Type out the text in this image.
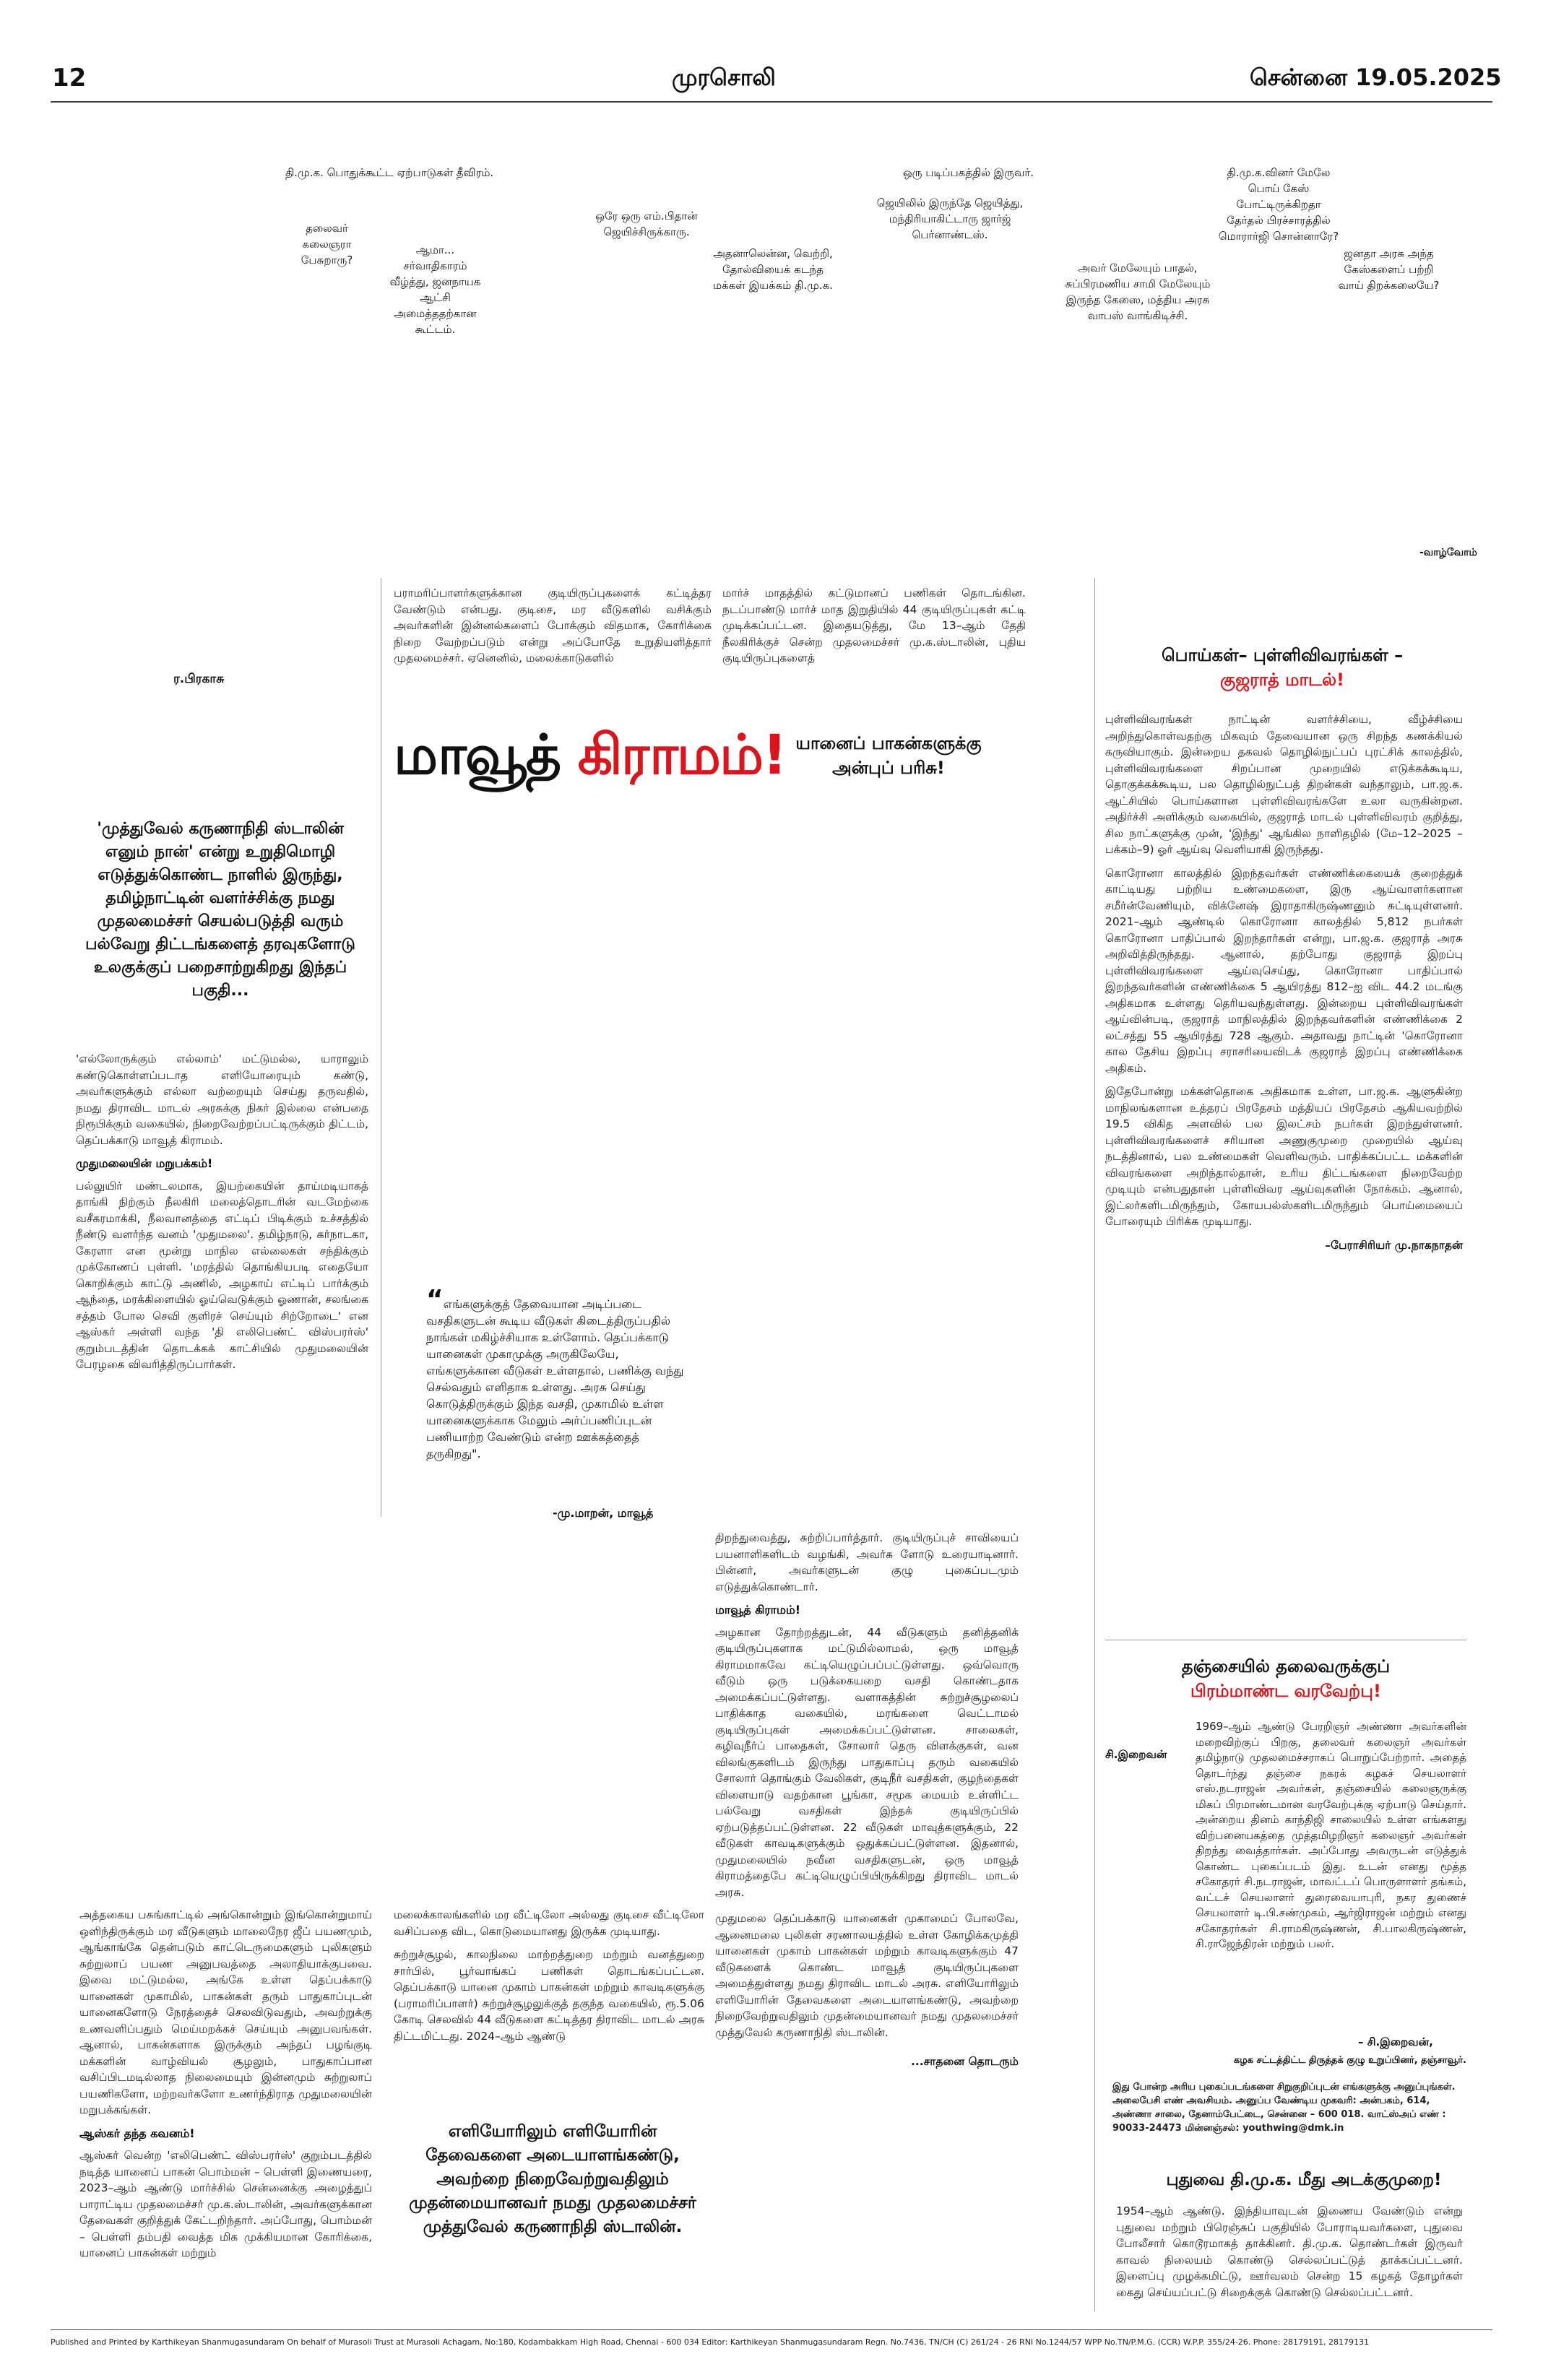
12	முரசொலி	சென்னை 19.05.2025
தி.மு.க. பொதுக்கூட்ட ஏற்பாடுகள் தீவிரம்.
தலைவர் கலைஞரா பேசுறாரு?
ஆமா... சர்வாதிகாரம் வீழ்த்து, ஜனநாயக ஆட்சி அமைத்ததற்கான கூட்டம்.
ஒரே ஒரு எம்.பிதான் ஜெயிச்சிருக்காரு.
அதனாலென்ன, வெற்றி, தோல்வியைக் கடந்த மக்கள் இயக்கம் தி.மு.க.
ஒரு படிப்பகத்தில் இருவர்.
ஜெயிலில் இருந்தே ஜெயித்து, மந்திரியாகிட்டாரு ஜார்ஜ் பெர்னாண்டஸ்.
அவர் மேலேயும் பாதல், சுப்பிரமணிய சாமி மேலேயும் இருந்த கேஸை, மத்திய அரசு வாபஸ் வாங்கிடிச்சி.
தி.மு.க.வினர் மேலே பொய் கேஸ் போட்டிருக்கிறதா தேர்தல் பிரச்சாரத்தில் மொரார்ஜி சொன்னாரே?
ஜனதா அரசு அந்த கேஸ்களைப் பற்றி வாய் திறக்கலையே?
-வாழ்வோம்
ர.பிரகாசு

பராமரிப்பாளர்களுக்கான குடியிருப்புகளைக் கட்டித்தர வேண்டும் என்பது. குடிசை, மர வீடுகளில் வசிக்கும் அவர்களின் இன்னல்களைப் போக்கும் விதமாக, கோரிக்கை நிறை வேற்றப்படும் என்று அப்போதே உறுதியளித்தார் முதலமைச்சர். ஏனெனில், மலைக்காடுகளில்

மார்ச் மாதத்தில் கட்டுமானப் பணிகள் தொடங்கின. நடப்பாண்டு மார்ச் மாத இறுதியில் 44 குடியிருப்புகள் கட்டி முடிக்கப்பட்டன. இதையடுத்து, மே 13–ஆம் தேதி நீலகிரிக்குச் சென்ற முதலமைச்சர் மு.க.ஸ்டாலின், புதிய குடியிருப்புகளைத்

மாவூத் கிராமம்! யானைப் பாகன்களுக்கு அன்புப் பரிசு!
'முத்துவேல் கருணாநிதி ஸ்டாலின் எனும் நான்' என்று உறுதிமொழி எடுத்துக்கொண்ட நாளில் இருந்து, தமிழ்நாட்டின் வளர்ச்சிக்கு நமது முதலமைச்சர் செயல்படுத்தி வரும் பல்வேறு திட்டங்களைத் தரவுகளோடு உலகுக்குப் பறைசாற்றுகிறது இந்தப் பகுதி...

'எல்லோருக்கும் எல்லாம்' மட்டுமல்ல, யாராலும் கண்டுகொள்ளப்படாத எளியோரையும் கண்டு, அவர்களுக்கும் எல்லா வற்றையும் செய்து தருவதில், நமது திராவிட மாடல் அரசுக்கு நிகர் இல்லை என்பதை நிரூபிக்கும் வகையில், நிறைவேற்றப்பட்டிருக்கும் திட்டம், தெப்பக்காடு மாவூத் கிராமம்.

முதுமலையின் மறுபக்கம்!

பல்லுயிர் மண்டலமாக, இயற்கையின் தாய்மடியாகத் தாங்கி நிற்கும் நீலகிரி மலைத்தொடரின் வடமேற்கை வசீகரமாக்கி, நீலவானத்தை எட்டிப் பிடிக்கும் உச்சத்தில் நீண்டு வளர்ந்த வனம் 'முதுமலை'. தமிழ்நாடு, கர்நாடகா, கேரளா என மூன்று மாநில எல்லைகள் சந்திக்கும் முக்கோணப் புள்ளி. 'மரத்தில் தொங்கியபடி எதையோ கொறிக்கும் காட்டு அணில், அழகாய் எட்டிப் பார்க்கும் ஆந்தை, மரக்கிளையில் ஓய்வெடுக்கும் ஓணான், சலங்கை சத்தம் போல செவி குளிரச் செய்யும் சிற்றோடை' என ஆஸ்கர் அள்ளி வந்த 'தி எலிபெண்ட் விஸ்பரர்ஸ்' குறும்படத்தின் தொடக்கக் காட்சியில் முதுமலையின் பேரழகை விவரித்திருப்பார்கள்.

“எங்களுக்குத் தேவையான அடிப்படை வசதிகளுடன் கூடிய வீடுகள் கிடைத்திருப்பதில் நாங்கள் மகிழ்ச்சியாக உள்ளோம். தெப்பக்காடு யானைகள் முகாமுக்கு அருகிலேயே, எங்களுக்கான வீடுகள் உள்ளதால், பணிக்கு வந்து செல்வதும் எளிதாக உள்ளது. அரசு செய்து கொடுத்திருக்கும் இந்த வசதி, முகாமில் உள்ள யானைகளுக்காக மேலும் அர்ப்பணிப்புடன் பணியாற்ற வேண்டும் என்ற ஊக்கத்தைத் தருகிறது".
-மு.மாறன், மாவூத்

திறந்துவைத்து, சுற்றிப்பார்த்தார். குடியிருப்புச் சாவியைப் பயனாளிகளிடம் வழங்கி, அவர்க ளோடு உரையாடினார். பின்னர், அவர்களுடன் குழு புகைப்படமும் எடுத்துக்கொண்டார்.

மாவூத் கிராமம்!

அழகான தோற்றத்துடன், 44 வீடுகளும் தனித்தனிக் குடியிருப்புகளாக மட்டுமில்லாமல், ஒரு மாவூத் கிராமமாகவே கட்டியெழுப்பப்பட்டுள்ளது. ஒவ்வொரு வீடும் ஒரு படுக்கையறை வசதி கொண்டதாக அமைக்கப்பட்டுள்ளது. வளாகத்தின் சுற்றுச்சூழலைப் பாதிக்காத வகையில், மரங்களை வெட்டாமல் குடியிருப்புகள் அமைக்கப்பட்டுள்ளன. சாலைகள், கழிவுநீர்ப் பாதைகள், சோலார் தெரு விளக்குகள், வன விலங்குகளிடம் இருந்து பாதுகாப்பு தரும் வகையில் சோலார் தொங்கும் வேலிகள், குடிநீர் வசதிகள், குழந்தைகள் விளையாடு வதற்கான பூங்கா, சமூக மையம் உள்ளிட்ட பல்வேறு வசதிகள் இந்தக் குடியிருப்பில் ஏற்படுத்தப்பட்டுள்ளன. 22 வீடுகள் மாவுத்களுக்கும், 22 வீடுகள் காவடிகளுக்கும் ஒதுக்கப்பட்டுள்ளன. இதனால், முதுமலையில் நவீன வசதிகளுடன், ஒரு மாவூத் கிராமத்தைபே கட்டியெழுப்பியிருக்கிறது திராவிட மாடல் அரசு.

முதுமலை தெப்பக்காடு யானைகள் முகாமைப் போலவே, ஆனைமலை புலிகள் சரணாலயத்தில் உள்ள கோழிக்கமுத்தி யானைகள் முகாம் பாகன்கள் மற்றும் காவடிகளுக்கும் 47 வீடுகளைக் கொண்ட மாவூத் குடியிருப்புகளை அமைத்துள்ளது நமது திராவிட மாடல் அரசு. எளியோரிலும் எளியோரின் தேவைகளை அடையாளங்கண்டு, அவற்றை நிறைவேற்றுவதிலும் முதன்மையானவர் நமது முதலமைச்சர் முத்துவேல் கருணாநிதி ஸ்டாலின்.

...சாதனை தொடரும்

அத்தகைய பசுங்காட்டில் அங்கொன்றும் இங்கொன்றுமாய் ஒளிந்திருக்கும் மர வீடுகளும் மாலைநேர ஜீப் பயணமும், ஆங்காங்கே தென்படும் காட்டெருமைகளும் புலிகளும் சுற்றுலாப் பயண அனுபவத்தை அலாதியாக்குபவை. இவை மட்டுமல்ல, அங்கே உள்ள தெப்பக்காடு யானைகள் முகாமில், பாகன்கள் தரும் பாதுகாப்புடன் யானைகளோடு நேரத்தைச் செலவிடுவதும், அவற்றுக்கு உணவளிப்பதும் மெய்மறக்கச் செய்யும் அனுபவங்கள். ஆனால், பாகன்களாக இருக்கும் அந்தப் பழங்குடி மக்களின் வாழ்வியல் சூழலும், பாதுகாப்பான வசிப்பிடமடில்லாத நிலைமையும் இன்னமும் சுற்றுலாப் பயணிகளோ, மற்றவர்களோ உணர்ந்திராத முதுமலையின் மறுபக்கங்கள்.

ஆஸ்கர் தந்த கவனம்!

ஆஸ்கர் வென்ற 'எலிபெண்ட் விஸ்பரர்ஸ்' குறும்படத்தில் நடித்த யானைப் பாகன் பொம்மன் – பெள்ளி இணையரை, 2023–ஆம் ஆண்டு மார்ச்சில் சென்னைக்கு அழைத்துப் பாராட்டிய முதலமைச்சர் மு.க.ஸ்டாலின், அவர்களுக்கான தேவைகள் குறித்துக் கேட்டறிந்தார். அப்போது, பொம்மன் – பெள்ளி தம்பதி வைத்த மிக முக்கியமான கோரிக்கை, யானைப் பாகன்கள் மற்றும்

மலைக்காலங்களில் மர வீட்டிலோ அல்லது குடிசை வீட்டிலோ வசிப்பதை விட, கொடுமையானது இருக்க முடியாது.

சுற்றுச்சூழல், காலநிலை மாற்றத்துறை மற்றும் வனத்துறை சார்பில், பூர்வாங்கப் பணிகள் தொடங்கப்பட்டன. தெப்பக்காடு யானை முகாம் பாகன்கள் மற்றும் காவடிகளுக்கு (பராமரிப்பாளர்) சுற்றுச்சூழலுக்குத் தகுந்த வகையில், ரூ.5.06 கோடி செலவில் 44 வீடுகளை கட்டித்தர திராவிட மாடல் அரசு திட்டமிட்டது. 2024–ஆம் ஆண்டு

எளியோரிலும் எளியோரின் தேவைகளை அடையாளங்கண்டு, அவற்றை நிறைவேற்றுவதிலும் முதன்மையானவர் நமது முதலமைச்சர் முத்துவேல் கருணாநிதி ஸ்டாலின்.
பொய்கள்– புள்ளிவிவரங்கள் –
குஜராத் மாடல்!

புள்ளிவிவரங்கள் நாட்டின் வளர்ச்சியை, வீழ்ச்சியை அறிந்துகொள்வதற்கு மிகவும் தேவையான ஒரு சிறந்த கணக்கியல் கருவியாகும். இன்றைய தகவல் தொழில்நுட்பப் புரட்சிக் காலத்தில், புள்ளிவிவரங்களை சிறப்பான முறையில் எடுக்கக்கூடிய, தொகுக்கக்கூடிய, பல தொழில்நுட்பத் திறன்கள் வந்தாலும், பா.ஜ.க. ஆட்சியில் பொய்களான புள்ளிவிவரங்களே உலா வருகின்றன. அதிர்ச்சி அளிக்கும் வகையில், குஜராத் மாடல் புள்ளிவிவரம் குறித்து, சில நாட்களுக்கு முன், 'இந்து' ஆங்கில நாளிதழில் (மே–12–2025 – பக்கம்–9) ஓர் ஆய்வு வெளியாகி இருந்தது.

கொரோனா காலத்தில் இறந்தவர்கள் எண்ணிக்கையைக் குறைத்துக் காட்டியது பற்றிய உண்மைகளை, இரு ஆய்வாளர்களான சமீர்ன்வேணியும், விக்னேஷ் இராதாகிருஷ்ணனும் சுட்டியுள்ளனர். 2021–ஆம் ஆண்டில் கொரோனா காலத்தில் 5,812 நபர்கள் கொரோனா பாதிப்பால் இறந்தார்கள் என்று, பா.ஜ.க. குஜராத் அரசு அறிவித்திருந்தது. ஆனால், தற்போது குஜராத் இறப்பு புள்ளிவிவரங்களை ஆய்வுசெய்து, கொரோனா பாதிப்பால் இறந்தவர்களின் எண்ணிக்கை 5 ஆயிரத்து 812–ஐ விட 44.2 மடங்கு அதிகமாக உள்ளது தெரியவந்துள்ளது. இன்றைய புள்ளிவிவரங்கள் ஆய்வின்படி, குஜராத் மாநிலத்தில் இறந்தவர்களின் எண்ணிக்கை 2 லட்சத்து 55 ஆயிரத்து 728 ஆகும். அதாவது நாட்டின் 'கொரோனா கால தேசிய இறப்பு சராசரியைவிடக் குஜராத் இறப்பு எண்ணிக்கை அதிகம்.

இதேபோன்று மக்கள்தொகை அதிகமாக உள்ள, பா.ஜ.க. ஆளுகின்ற மாநிலங்களான உத்தரப் பிரதேசம் மத்தியப் பிரதேசம் ஆகியவற்றில் 19.5 விகித அளவில் பல இலட்சம் நபர்கள் இறந்துள்ளனர். புள்ளிவிவரங்களைச் சரியான அணுகுமுறை முறையில் ஆய்வு நடத்தினால், பல உண்மைகள் வெளிவரும். பாதிக்கப்பட்ட மக்களின் விவரங்களை அறிந்தால்தான், உரிய திட்டங்களை நிறைவேற்ற முடியும் என்பதுதான் புள்ளிவிவர ஆய்வுகளின் நோக்கம். ஆனால், இட்லர்களிடமிருந்தும், கோயபல்ஸ்களிடமிருந்தும் பொய்மையைப் போரையும் பிரிக்க முடியாது.

–பேராசிரியர் மு.நாகநாதன்
தஞ்சையில் தலைவருக்குப்
பிரம்மாண்ட வரவேற்பு!
சி.இறைவன்
1969–ஆம் ஆண்டு பேரறிஞர் அண்ணா அவர்களின் மறைவிற்குப் பிறகு, தலைவர் கலைஞர் அவர்கள் தமிழ்நாடு முதலமைச்சராகப் பொறுப்பேற்றார். அதைத் தொடர்ந்து தஞ்சை நகரக் கழகச் செயலாளர் எஸ்.நடராஜன் அவர்கள், தஞ்சையில் கலைஞருக்கு மிகப் பிரமாண்டமான வரவேற்புக்கு ஏற்பாடு செய்தார். அன்றைய தினம் காந்திஜி சாலையில் உள்ள எங்களது விற்பனையகத்தை முத்தமிழறிஞர் கலைஞர் அவர்கள் திறந்து வைத்தார்கள். அப்போது அவருடன் எடுத்துக் கொண்ட புகைப்படம் இது. உடன் எனது மூத்த சகோதரர் சி.நடராஜன், மாவட்டப் பொருளாளர் தங்கம், வட்டச் செயலாளர் துரைவையாபுரி, நகர துணைச் செயலாளர் டி.பி.சண்முகம், ஆர்ஜிராஜன் மற்றும் எனது சகோதரர்கள் சி.ராமகிருஷ்ணன், சி.பாலகிருஷ்ணன், சி.ராஜேந்திரன் மற்றும் பலர்.
– சி.இறைவன்,
கழக சட்டத்திட்ட திருத்தக் குழு உறுப்பினர், தஞ்சாவூர்.
இது போன்ற அரிய புகைப்படங்களை சிறுகுறிப்புடன் எங்களுக்கு அனுப்புங்கள். அலைபேசி எண் அவசியம். அனுப்ப வேண்டிய முகவரி: அன்பகம், 614, அண்ணா சாலை, தேனாம்பேட்டை, சென்னை – 600 018. வாட்ஸ்அப் எண் : 90033-24473 மின்னஞ்சல்: youthwing@dmk.in
புதுவை தி.மு.க. மீது அடக்குமுறை!
1954–ஆம் ஆண்டு. இந்தியாவுடன் இணைய வேண்டும் என்று புதுவை மற்றும் பிரெஞ்சுப் பகுதியில் போராடியவர்களை, புதுவை போலீசார் கொடூரமாகத் தாக்கினர். தி.மு.க. தொண்டர்கள் இருவர் காவல் நிலையம் கொண்டு செல்லப்பட்டுத் தாக்கப்பட்டனர். இளைப்பு முழக்கமிட்டு, ஊர்வலம் சென்ற 15 கழகத் தோழர்கள் கைது செய்யப்பட்டு சிறைக்குக் கொண்டு செல்லப்பட்டனர்.
Published and Printed by Karthikeyan Shanmugasundaram On behalf of Murasoli Trust at Murasoli Achagam, No:180, Kodambakkam High Road, Chennai - 600 034 Editor: Karthikeyan Shanmugasundaram Regn. No.7436, TN/CH (C) 261/24 - 26 RNI No.1244/57 WPP No.TN/P.M.G. (CCR) W.P.P. 355/24-26. Phone: 28179191, 28179131
